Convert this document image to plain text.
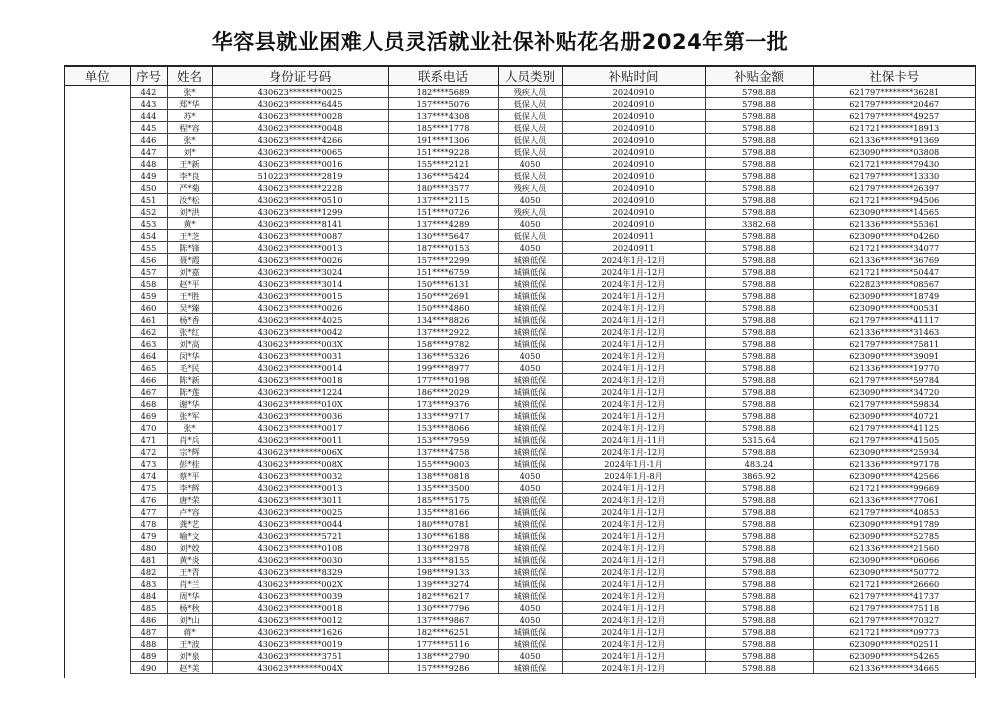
华容县就业困难人员灵活就业社保补贴花名册2024年第一批
单位	序号	姓名	身份证号码	联系电话	人员类别	补贴时间	补贴金额	社保卡号
	442	张*	430623********0025	182****5689	残疾人员	20240910	5798.88	621797********36281
	443	郑*华	430623********6445	157****5076	低保人员	20240910	5798.88	621797********20467
	444	苏*	430623********0028	137****4308	低保人员	20240910	5798.88	621797********49257
	445	程*容	430623********0048	185****1778	低保人员	20240910	5798.88	621721********18913
	446	张*	430623********4266	191****1306	低保人员	20240910	5798.88	621336********91369
	447	刘*	430623********0065	151****9228	低保人员	20240910	5798.88	623090********03808
	448	王*新	430623********0016	155****2121	4050	20240910	5798.88	621721********79430
	449	李*良	510223********2819	136****5424	低保人员	20240910	5798.88	621797********13330
	450	严*菊	430623********2228	180****3577	残疾人员	20240910	5798.88	621797********26397
	451	汝*松	430623********0510	137****2115	4050	20240910	5798.88	621721********94506
	452	刘*洪	430623********1299	151****0726	残疾人员	20240910	5798.88	623090********14565
	453	黄*	430623********8141	137****4289	4050	20240910	3382.68	621336********55361
	454	王*芝	430623********0087	130****5647	低保人员	20240911	5798.88	623090********04260
	455	陈*锋	430623********0013	187****0153	4050	20240911	5798.88	621721********34077
	456	聂*霞	430623********0026	157****2299	城镇低保	2024年1月-12月	5798.88	621336********36769
	457	刘*嘉	430623********3024	151****6759	城镇低保	2024年1月-12月	5798.88	621721********50447
	458	赵*平	430623********3014	150****6131	城镇低保	2024年1月-12月	5798.88	622823********08567
	459	王*胜	430623********0015	150****2691	城镇低保	2024年1月-12月	5798.88	623090********18749
	460	吴*臻	430623********0026	150****4860	城镇低保	2024年1月-12月	5798.88	623090********00531
	461	杨*香	430623********4025	134****8826	城镇低保	2024年1月-12月	5798.88	621797********41117
	462	张*红	430623********0042	137****2922	城镇低保	2024年1月-12月	5798.88	621336********31463
	463	刘*高	430623********003X	158****9782	城镇低保	2024年1月-12月	5798.88	621797********75811
	464	闵*华	430623********0031	136****5326	4050	2024年1月-12月	5798.88	623090********39091
	465	毛*民	430623********0014	199****8977	4050	2024年1月-12月	5798.88	621336********19770
	466	陈*新	430623********0018	177****0198	城镇低保	2024年1月-12月	5798.88	621797********59784
	467	陈*莲	430623********1224	186****2029	城镇低保	2024年1月-12月	5798.88	623090********34720
	468	谢*华	430623********010X	173****9376	城镇低保	2024年1月-12月	5798.88	621797********59834
	469	张*军	430623********0036	133****9717	城镇低保	2024年1月-12月	5798.88	623090********40721
	470	张*	430623********0017	153****8066	城镇低保	2024年1月-12月	5798.88	621797********41125
	471	肖*兵	430623********0011	153****7959	城镇低保	2024年1月-11月	5315.64	621797********41505
	472	宗*辉	430623********006X	137****4758	城镇低保	2024年1月-12月	5798.88	623090********25934
	473	彭*桂	430623********008X	155****9003	城镇低保	2024年1月-1月	483.24	621336********97178
	474	蔡*平	430623********0032	138****0818	4050	2024年1月-8月	3865.92	623090********42566
	475	李*辉	430623********0013	135****3500	4050	2024年1月-12月	5798.88	621721********99669
	476	唐*荣	430623********3011	185****5175	城镇低保	2024年1月-12月	5798.88	621336********77061
	477	卢*容	430623********0025	135****8166	城镇低保	2024年1月-12月	5798.88	621797********40853
	478	龚*艺	430623********0044	180****0781	城镇低保	2024年1月-12月	5798.88	623090********91789
	479	喻*文	430623********5721	130****6188	城镇低保	2024年1月-12月	5798.88	623090********52785
	480	刘*姣	430623********0108	130****2978	城镇低保	2024年1月-12月	5798.88	621336********21560
	481	黄*炎	430623********0030	133****8155	城镇低保	2024年1月-12月	5798.88	623090********06066
	482	王*青	430623********8329	198****9133	城镇低保	2024年1月-12月	5798.88	623090********50772
	483	肖*兰	430623********002X	139****3274	城镇低保	2024年1月-12月	5798.88	621721********26660
	484	周*华	430623********0039	182****6217	城镇低保	2024年1月-12月	5798.88	621797********41737
	485	杨*秋	430623********0018	130****7796	4050	2024年1月-12月	5798.88	621797********75118
	486	刘*山	430623********0012	137****9867	4050	2024年1月-12月	5798.88	621797********70327
	487	蒋*	430623********1626	182****6251	城镇低保	2024年1月-12月	5798.88	621721********09773
	488	王*波	430623********0019	177****5116	城镇低保	2024年1月-12月	5798.88	623090********02511
	489	刘*泉	430623********3751	138****2790	4050	2024年1月-12月	5798.88	623090********54265
	490	赵*美	430623********004X	157****9286	城镇低保	2024年1月-12月	5798.88	621336********34665
